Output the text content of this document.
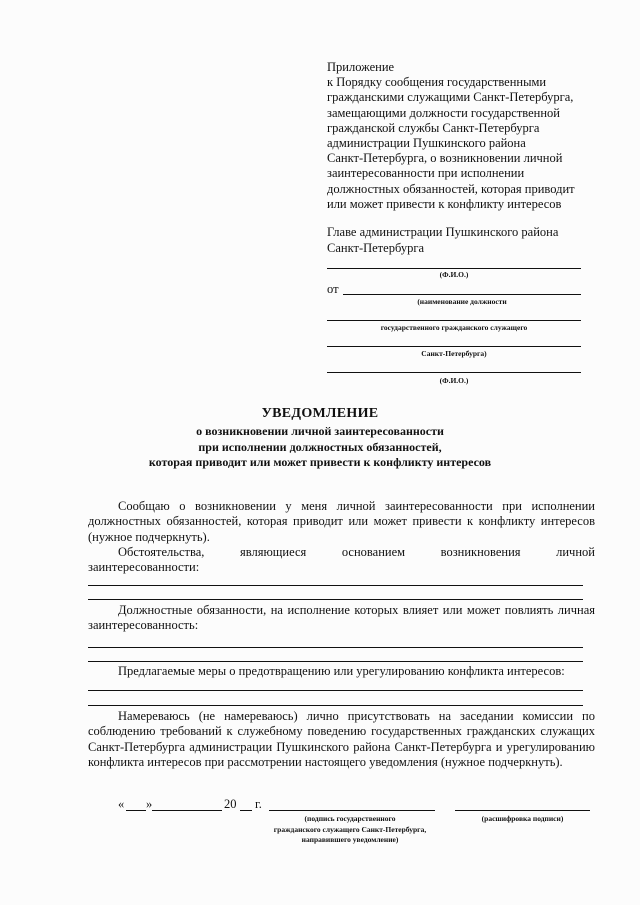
Приложение
к Порядку сообщения государственными
гражданскими служащими Санкт-Петербурга,
замещающими должности государственной
гражданской службы Санкт-Петербурга
администрации Пушкинского района
Санкт-Петербурга, о возникновении личной
заинтересованности при исполнении
должностных обязанностей, которая приводит
или может привести к конфликту интересов
Главе администрации Пушкинского района
Санкт-Петербурга
(Ф.И.О.)
от
(наименование должности
государственного гражданского служащего
Санкт-Петербурга)
(Ф.И.О.)
УВЕДОМЛЕНИЕ
о возникновении личной заинтересованности
при исполнении должностных обязанностей,
которая приводит или может привести к конфликту интересов
Сообщаю о возникновении у меня личной заинтересованности при исполнении должностных обязанностей, которая приводит или может привести к конфликту интересов (нужное подчеркнуть).
Обстоятельства,	являющиеся	основанием	возникновения	личной
заинтересованности:
Должностные обязанности, на исполнение которых влияет или может повлиять личная заинтересованность:
Предлагаемые меры о предотвращению или урегулированию конфликта интересов:
Намереваюсь (не намереваюсь) лично присутствовать на заседании комиссии по соблюдению требований к служебному поведению государственных гражданских служащих Санкт-Петербурга администрации Пушкинского района Санкт-Петербурга и урегулированию конфликта интересов при рассмотрении настоящего уведомления (нужное подчеркнуть).
« »	20 г.
(подпись государственного
гражданского служащего Санкт-Петербурга,
направившего уведомление)
(расшифровка подписи)
